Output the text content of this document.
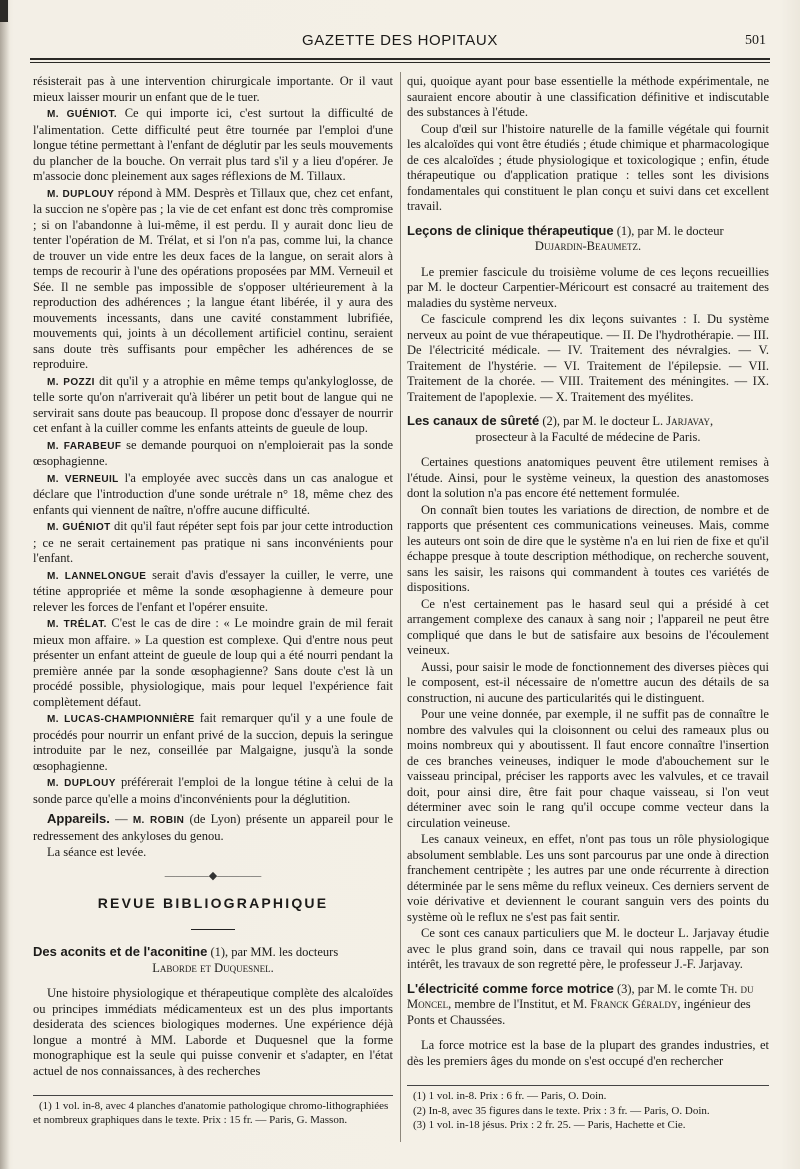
GAZETTE DES HOPITAUX	501

résisterait pas à une intervention chirurgicale importante. Or il vaut mieux laisser mourir un enfant que de le tuer.

M. GUÉNIOT. Ce qui importe ici, c'est surtout la difficulté de l'alimentation. Cette difficulté peut être tournée par l'emploi d'une longue tétine permettant à l'enfant de déglutir par les seuls mouvements du plancher de la bouche. On verrait plus tard s'il y a lieu d'opérer. Je m'associe donc pleinement aux sages réflexions de M. Tillaux.

M. DUPLOUY répond à MM. Desprès et Tillaux que, chez cet enfant, la succion ne s'opère pas ; la vie de cet enfant est donc très compromise ; si on l'abandonne à lui-même, il est perdu. Il y aurait donc lieu de tenter l'opération de M. Trélat, et si l'on n'a pas, comme lui, la chance de trouver un vide entre les deux faces de la langue, on serait alors à temps de recourir à l'une des opérations proposées par MM. Verneuil et Sée. Il ne semble pas impossible de s'opposer ultérieurement à la reproduction des adhérences ; la langue étant libérée, il y aura des mouvements incessants, dans une cavité constamment lubrifiée, mouvements qui, joints à un décollement artificiel continu, seraient sans doute très suffisants pour empêcher les adhérences de se reproduire.

M. POZZI dit qu'il y a atrophie en même temps qu'ankyloglosse, de telle sorte qu'on n'arriverait qu'à libérer un petit bout de langue qui ne servirait sans doute pas beaucoup. Il propose donc d'essayer de nourrir cet enfant à la cuiller comme les enfants atteints de gueule de loup.

M. FARABEUF se demande pourquoi on n'emploierait pas la sonde œsophagienne.

M. VERNEUIL l'a employée avec succès dans un cas analogue et déclare que l'introduction d'une sonde urétrale n° 18, même chez des enfants qui viennent de naître, n'offre aucune difficulté.

M. GUÉNIOT dit qu'il faut répéter sept fois par jour cette introduction ; ce ne serait certainement pas pratique ni sans inconvénients pour l'enfant.

M. LANNELONGUE serait d'avis d'essayer la cuiller, le verre, une tétine appropriée et même la sonde œsophagienne à demeure pour relever les forces de l'enfant et l'opérer ensuite.

M. TRÉLAT. C'est le cas de dire : « Le moindre grain de mil ferait mieux mon affaire. » La question est complexe. Qui d'entre nous peut présenter un enfant atteint de gueule de loup qui a été nourri pendant la première année par la sonde œsophagienne? Sans doute c'est là un procédé possible, physiologique, mais pour lequel l'expérience fait complètement défaut.

M. LUCAS-CHAMPIONNIÈRE fait remarquer qu'il y a une foule de procédés pour nourrir un enfant privé de la succion, depuis la seringue introduite par le nez, conseillée par Malgaigne, jusqu'à la sonde œsophagienne.

M. DUPLOUY préférerait l'emploi de la longue tétine à celui de la sonde parce qu'elle a moins d'inconvénients pour la déglutition.

Appareils. — M. ROBIN (de Lyon) présente un appareil pour le redressement des ankyloses du genou.

La séance est levée.

————◆————
REVUE BIBLIOGRAPHIQUE
Des aconits et de l'aconitine (1), par MM. les docteurs
Laborde et Duquesnel.

Une histoire physiologique et thérapeutique complète des alcaloïdes ou principes immédiats médicamenteux est un des plus importants desiderata des sciences biologiques modernes. Une expérience déjà longue a montré à MM. Laborde et Duquesnel que la forme monographique est la seule qui puisse convenir et s'adapter, en l'état actuel de nos connaissances, à des recherches

(1) 1 vol. in-8, avec 4 planches d'anatomie pathologique chromo-lithographiées et nombreux graphiques dans le texte. Prix : 15 fr. — Paris, G. Masson.

qui, quoique ayant pour base essentielle la méthode expérimentale, ne sauraient encore aboutir à une classification définitive et indiscutable des substances à l'étude.

Coup d'œil sur l'histoire naturelle de la famille végétale qui fournit les alcaloïdes qui vont être étudiés ; étude chimique et pharmacologique de ces alcaloïdes ; étude physiologique et toxicologique ; enfin, étude thérapeutique ou d'application pratique : telles sont les divisions fondamentales qui constituent le plan conçu et suivi dans cet excellent travail.

Leçons de clinique thérapeutique (1), par M. le docteur
Dujardin-Beaumetz.

Le premier fascicule du troisième volume de ces leçons recueillies par M. le docteur Carpentier-Méricourt est consacré au traitement des maladies du système nerveux.

Ce fascicule comprend les dix leçons suivantes : I. Du système nerveux au point de vue thérapeutique. — II. De l'hydrothérapie. — III. De l'électricité médicale. — IV. Traitement des névralgies. — V. Traitement de l'hystérie. — VI. Traitement de l'épilepsie. — VII. Traitement de la chorée. — VIII. Traitement des méningites. — IX. Traitement de l'apoplexie. — X. Traitement des myélites.

Les canaux de sûreté (2), par M. le docteur L. Jarjavay,
prosecteur à la Faculté de médecine de Paris.

Certaines questions anatomiques peuvent être utilement remises à l'étude. Ainsi, pour le système veineux, la question des anastomoses dont la solution n'a pas encore été nettement formulée.

On connaît bien toutes les variations de direction, de nombre et de rapports que présentent ces communications veineuses. Mais, comme les auteurs ont soin de dire que le système n'a en lui rien de fixe et qu'il échappe presque à toute description méthodique, on recherche souvent, sans les saisir, les raisons qui commandent à toutes ces variétés de dispositions.

Ce n'est certainement pas le hasard seul qui a présidé à cet arrangement complexe des canaux à sang noir ; l'appareil ne peut être compliqué que dans le but de satisfaire aux besoins de l'écoulement veineux.

Aussi, pour saisir le mode de fonctionnement des diverses pièces qui le composent, est-il nécessaire de n'omettre aucun des détails de sa construction, ni aucune des particularités qui le distinguent.

Pour une veine donnée, par exemple, il ne suffit pas de connaître le nombre des valvules qui la cloisonnent ou celui des rameaux plus ou moins nombreux qui y aboutissent. Il faut encore connaître l'insertion de ces branches veineuses, indiquer le mode d'abouchement sur le vaisseau principal, préciser les rapports avec les valvules, et ce travail doit, pour ainsi dire, être fait pour chaque vaisseau, si l'on veut déterminer avec soin le rang qu'il occupe comme vecteur dans la circulation veineuse.

Les canaux veineux, en effet, n'ont pas tous un rôle physiologique absolument semblable. Les uns sont parcourus par une onde à direction franchement centripète ; les autres par une onde récurrente à direction déterminée par le sens même du reflux veineux. Ces derniers servent de voie dérivative et deviennent le courant sanguin vers des points du système où le reflux ne s'est pas fait sentir.

Ce sont ces canaux particuliers que M. le docteur L. Jarjavay étudie avec le plus grand soin, dans ce travail qui nous rappelle, par son intérêt, les travaux de son regretté père, le professeur J.-F. Jarjavay.

L'électricité comme force motrice (3), par M. le comte Th. du Moncel, membre de l'Institut, et M. Franck Géraldy, ingénieur des Ponts et Chaussées.

La force motrice est la base de la plupart des grandes industries, et dès les premiers âges du monde on s'est occupé d'en rechercher

(1) 1 vol. in-8. Prix : 6 fr. — Paris, O. Doin.

(2) In-8, avec 35 figures dans le texte. Prix : 3 fr. — Paris, O. Doin.

(3) 1 vol. in-18 jésus. Prix : 2 fr. 25. — Paris, Hachette et Cie.
